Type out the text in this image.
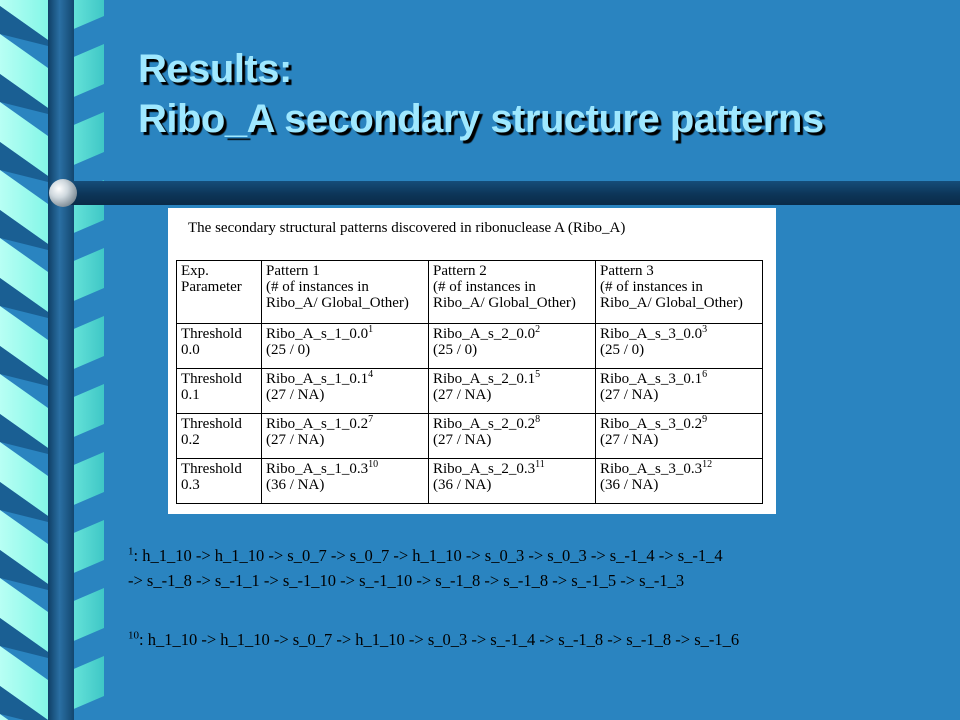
Results:
Ribo_A secondary structure patterns
The secondary structural patterns discovered in ribonuclease A (Ribo_A)
Exp.
Parameter	Pattern 1
(# of instances in
Ribo_A/ Global_Other)	Pattern 2
(# of instances in
Ribo_A/ Global_Other)	Pattern 3
(# of instances in
Ribo_A/ Global_Other)
Threshold
0.0	$Ribo\_A\_s\_1\_0.0^1$
(25 / 0)	$Ribo\_A\_s\_2\_0.0^2$
(25 / 0)	$Ribo\_A\_s\_3\_0.0^3$
(25 / 0)
Threshold
0.1	$Ribo\_A\_s\_1\_0.1^4$
(27 / NA)	$Ribo\_A\_s\_2\_0.1^5$
(27 / NA)	$Ribo\_A\_s\_3\_0.1^6$
(27 / NA)
Threshold
0.2	$Ribo\_A\_s\_1\_0.2^7$
(27 / NA)	$Ribo\_A\_s\_2\_0.2^8$
(27 / NA)	$Ribo\_A\_s\_3\_0.2^9$
(27 / NA)
Threshold
0.3	$Ribo\_A\_s\_1\_0.3^{10}$
(36 / NA)	$Ribo\_A\_s\_2\_0.3^{11}$
(36 / NA)	$Ribo\_A\_s\_3\_0.3^{12}$
(36 / NA)
$^1$: h_1_10 -> h_1_10 -> s_0_7 -> s_0_7 -> h_1_10 -> s_0_3 -> s_0_3 -> s_-1_4 -> s_-1_4
-> s_-1_8 -> s_-1_1 -> s_-1_10 -> s_-1_10 -> s_-1_8 -> s_-1_8 -> s_-1_5 -> s_-1_3
$^{10}$: h_1_10 -> h_1_10 -> s_0_7 -> h_1_10 -> s_0_3 -> s_-1_4 -> s_-1_8 -> s_-1_8 -> s_-1_6
